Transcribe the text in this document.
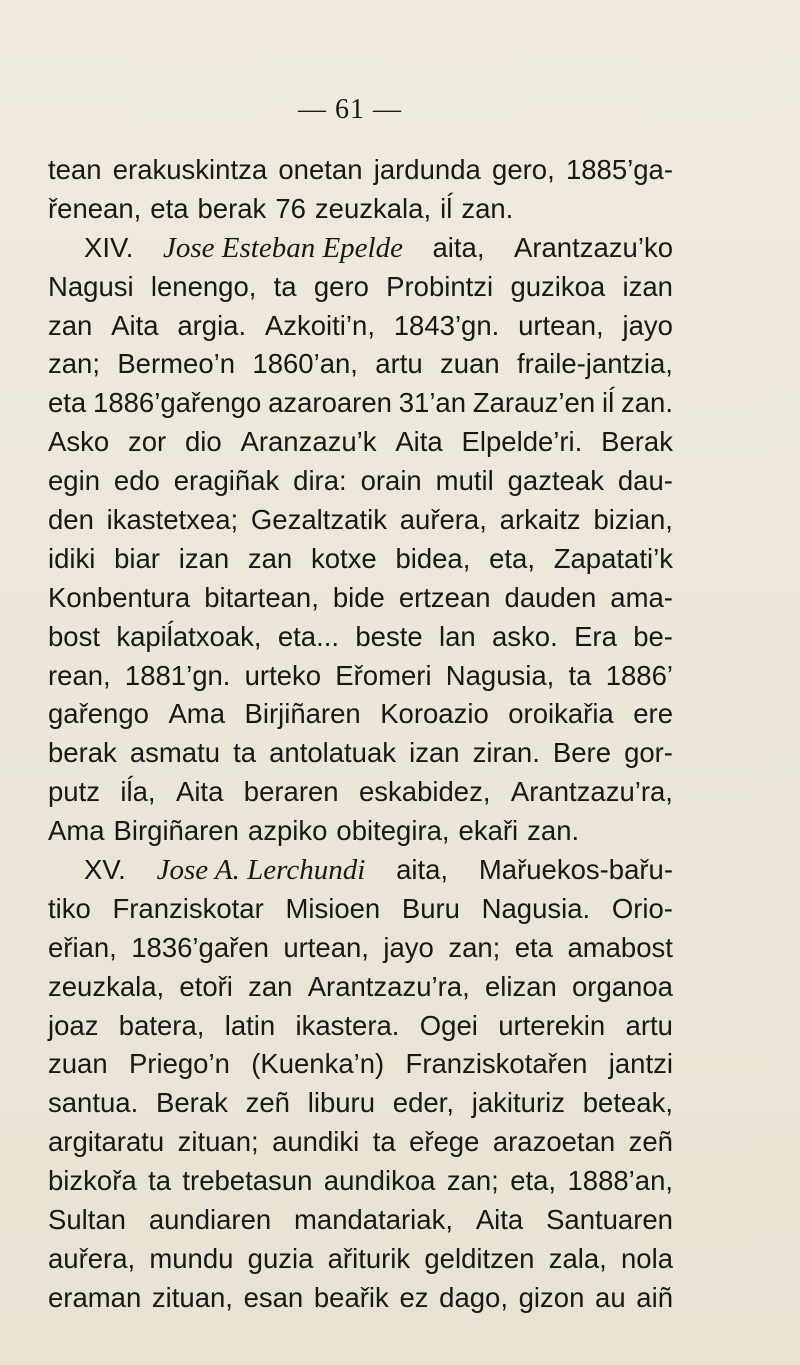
— 61 —
tean erakuskintza onetan jardunda gero, 1885’ga-
řenean, eta berak 76 zeuzkala, iĺ zan.
XIV. Jose Esteban Epelde aita, Arantzazu’ko
Nagusi lenengo, ta gero Probintzi guzikoa izan
zan Aita argia. Azkoiti’n, 1843’gn. urtean, jayo
zan; Bermeo’n 1860’an, artu zuan fraile-jantzia,
eta 1886’gařengo azaroaren 31’an Zarauz’en iĺ zan.
Asko zor dio Aranzazu’k Aita Elpelde’ri. Berak
egin edo eragiñak dira: orain mutil gazteak dau-
den ikastetxea; Gezaltzatik auřera, arkaitz bizian,
idiki biar izan zan kotxe bidea, eta, Zapatati’k
Konbentura bitartean, bide ertzean dauden ama-
bost kapiĺatxoak, eta... beste lan asko. Era be-
rean, 1881’gn. urteko Eřomeri Nagusia, ta 1886’
gařengo Ama Birjiñaren Koroazio oroikařia ere
berak asmatu ta antolatuak izan ziran. Bere gor-
putz iĺa, Aita beraren eskabidez, Arantzazu’ra,
Ama Birgiñaren azpiko obitegira, ekaři zan.
XV. Jose A. Lerchundi aita, Mařuekos-bařu-
tiko Franziskotar Misioen Buru Nagusia. Orio-
eřian, 1836’gařen urtean, jayo zan; eta amabost
zeuzkala, etoři zan Arantzazu’ra, elizan organoa
joaz batera, latin ikastera. Ogei urterekin artu
zuan Priego’n (Kuenka’n) Franziskotařen jantzi
santua. Berak zeñ liburu eder, jakituriz beteak,
argitaratu zituan; aundiki ta eřege arazoetan zeñ
bizkořa ta trebetasun aundikoa zan; eta, 1888’an,
Sultan aundiaren mandatariak, Aita Santuaren
auřera, mundu guzia ařiturik gelditzen zala, nola
eraman zituan, esan beařik ez dago, gizon au aiñ
